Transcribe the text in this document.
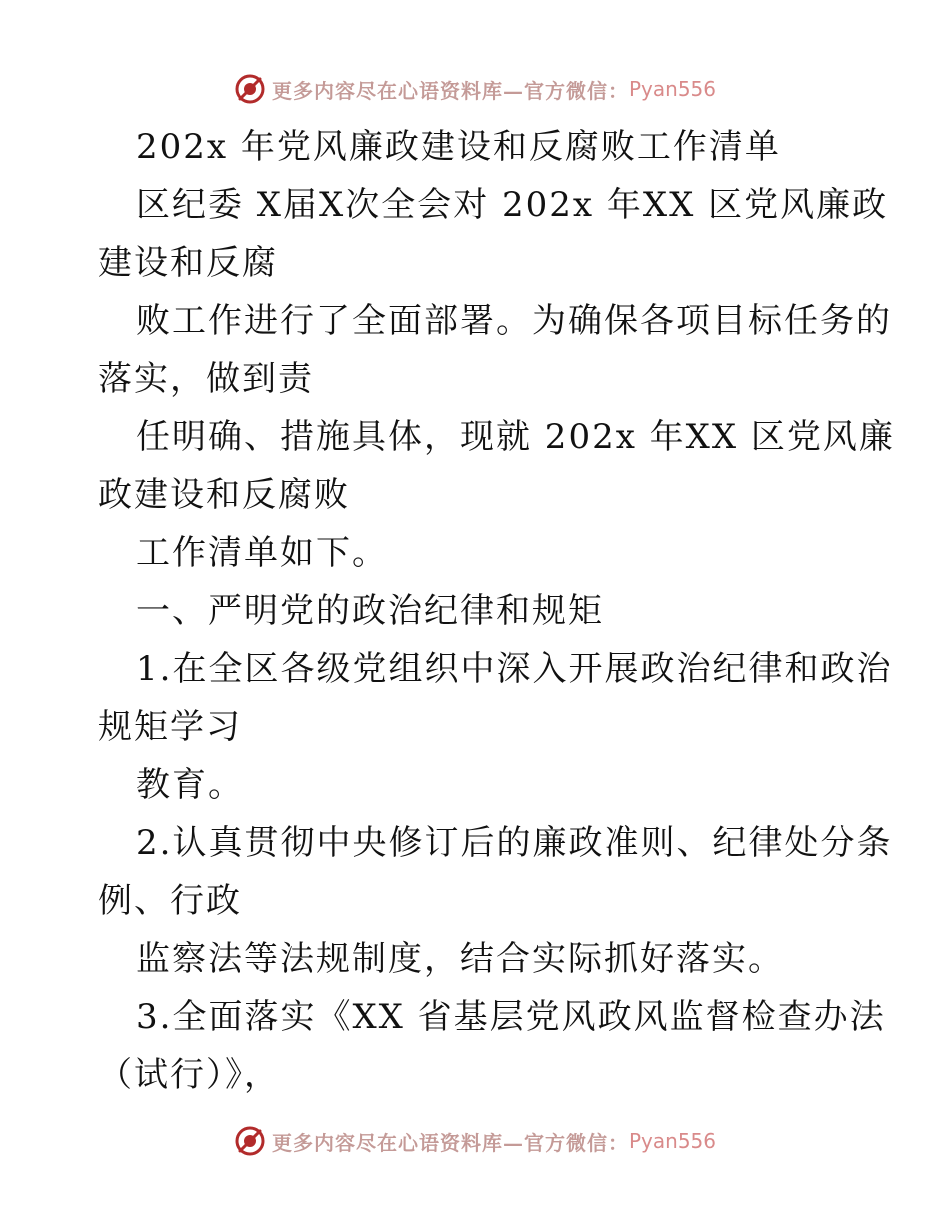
更多内容尽在心语资料库—官方微信： Pyan556
202x 年党风廉政建设和反腐败工作清单
区纪委 X届X次全会对 202x 年XX 区党风廉政
建设和反腐
败工作进行了全面部署。为确保各项目标任务的
落实，做到责
任明确、措施具体，现就 202x 年XX 区党风廉
政建设和反腐败
工作清单如下。
一、严明党的政治纪律和规矩
1.在全区各级党组织中深入开展政治纪律和政治
规矩学习
教育。
2.认真贯彻中央修订后的廉政准则、纪律处分条
例、行政
监察法等法规制度，结合实际抓好落实。
3.全面落实《XX 省基层党风政风监督检查办法
（试行）》，
更多内容尽在心语资料库—官方微信： Pyan556
